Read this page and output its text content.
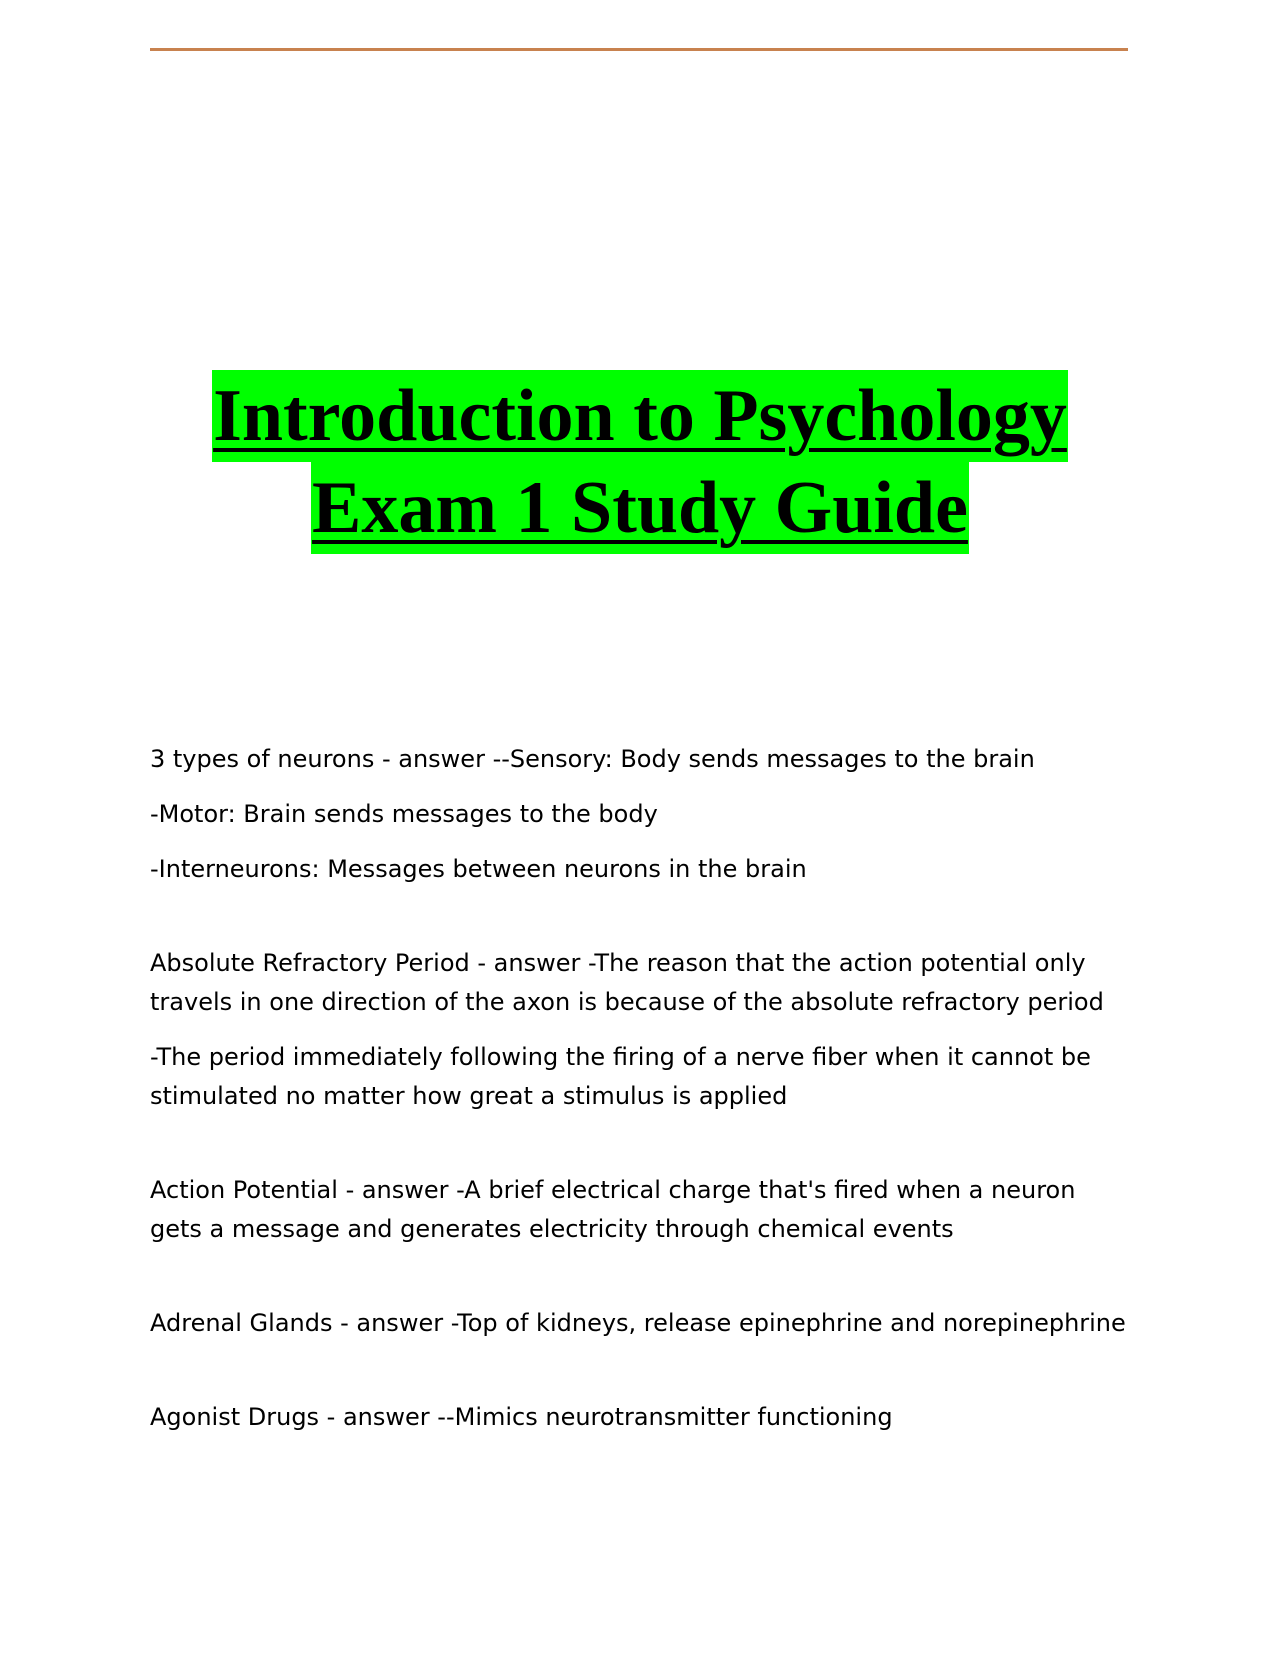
Introduction to Psychology
Exam 1 Study Guide

3 types of neurons - answer --Sensory: Body sends messages to the brain

-Motor: Brain sends messages to the body

-Interneurons: Messages between neurons in the brain

Absolute Refractory Period - answer -The reason that the action potential only travels in one direction of the axon is because of the absolute refractory period

-The period immediately following the firing of a nerve fiber when it cannot be stimulated no matter how great a stimulus is applied

Action Potential - answer -A brief electrical charge that's fired when a neuron gets a message and generates electricity through chemical events

Adrenal Glands - answer -Top of kidneys, release epinephrine and norepinephrine

Agonist Drugs - answer --Mimics neurotransmitter functioning
